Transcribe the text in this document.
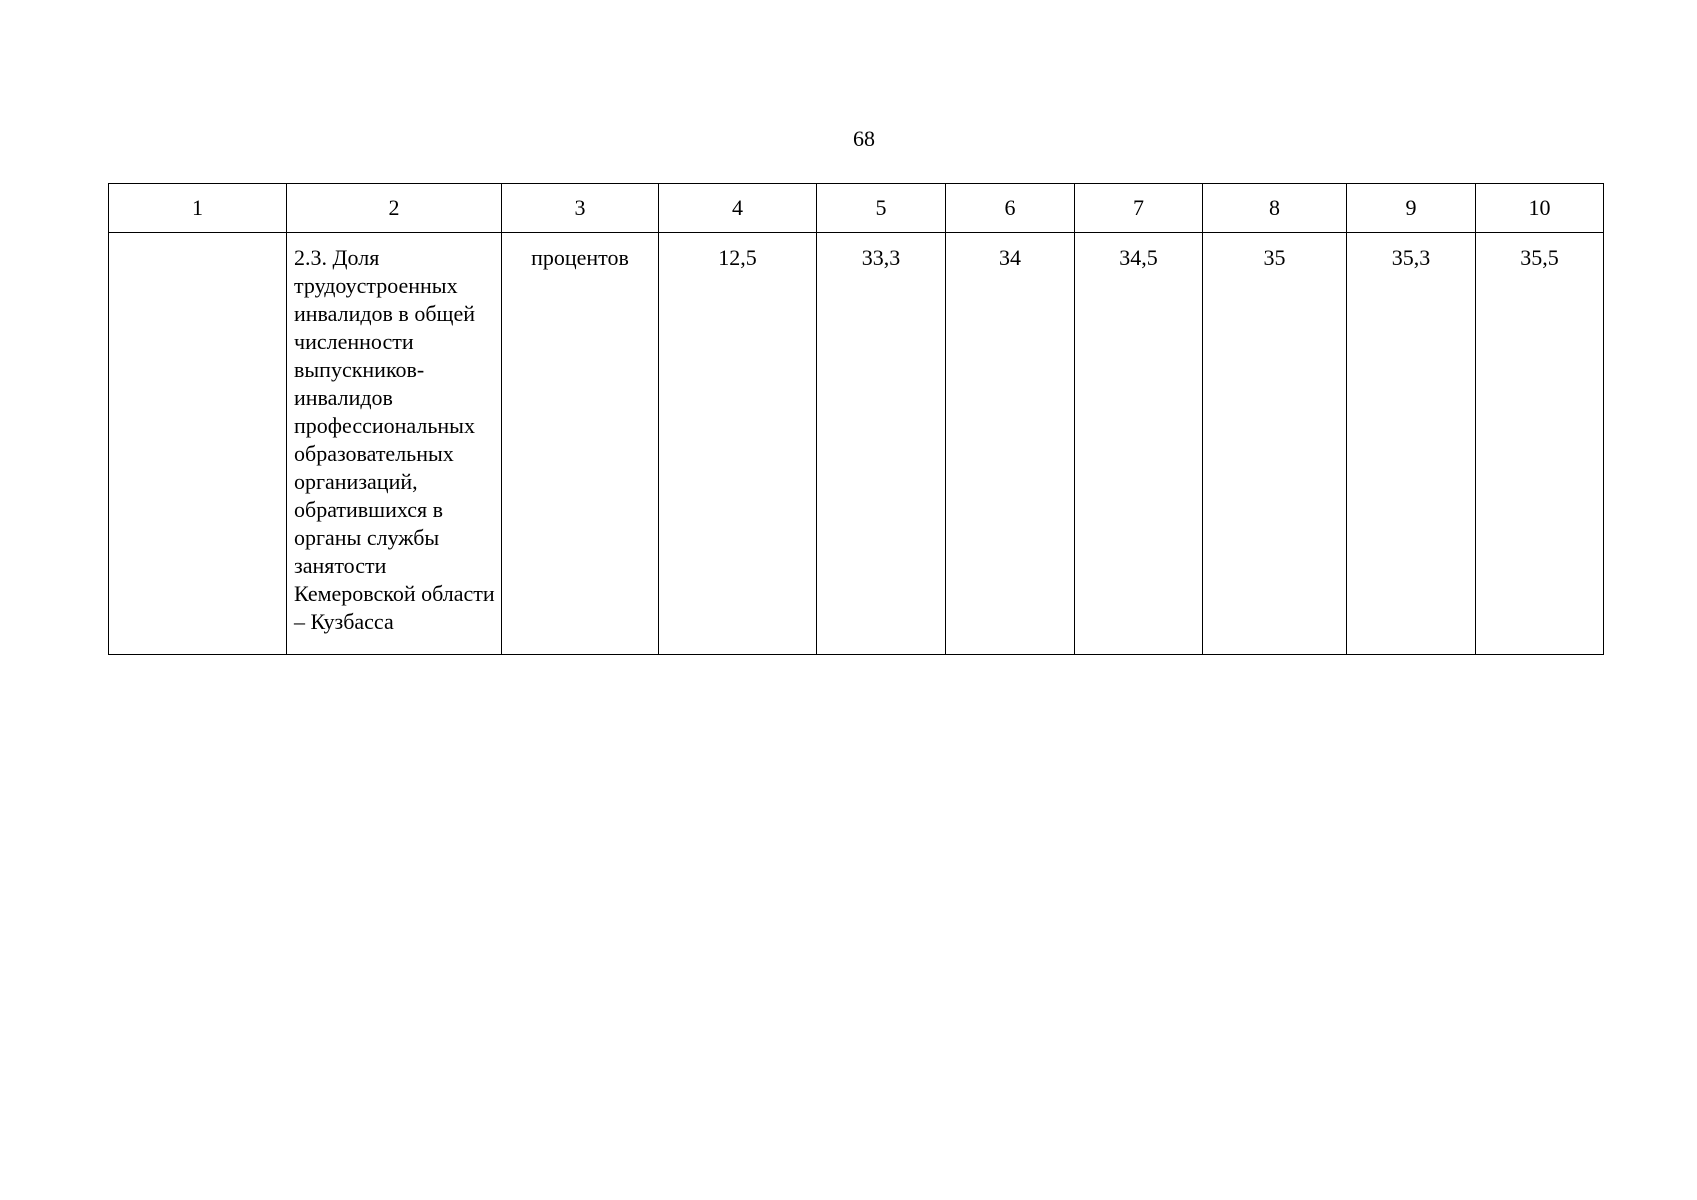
68
1	2	3	4	5	6	7	8	9	10
	2.3. Доля трудоустроенных инвалидов в общей численности выпускников-инвалидов профессиональных образовательных организаций, обратившихся в органы службы занятости Кемеровской области – Кузбасса	процентов	12,5	33,3	34	34,5	35	35,3	35,5
